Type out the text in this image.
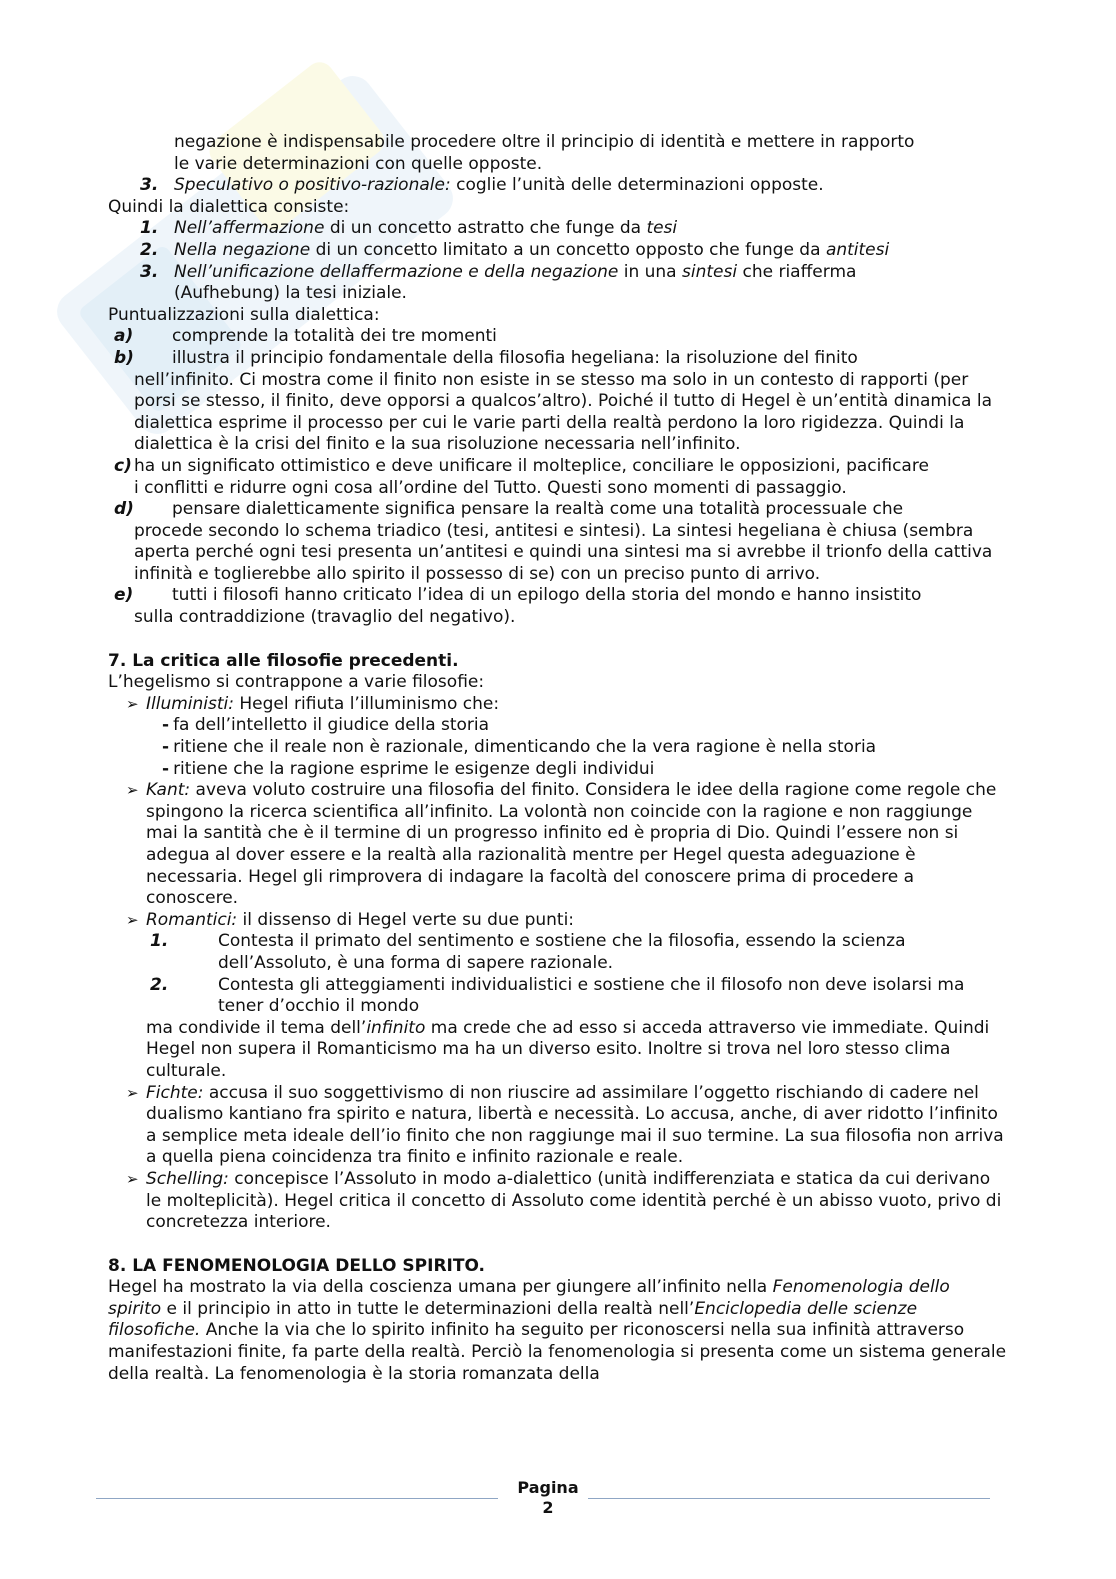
negazione è indispensabile procedere oltre il principio di identità e mettere in rapporto

le varie determinazioni con quelle opposte.

3. Speculativo o positivo-razionale: coglie l’unità delle determinazioni opposte.

Quindi la dialettica consiste:

1. Nell’affermazione di un concetto astratto che funge da tesi

2. Nella negazione di un concetto limitato a un concetto opposto che funge da antitesi

3. Nell’unificazione dellaffermazione e della negazione in una sintesi che riafferma

(Aufhebung) la tesi iniziale.

Puntualizzazioni sulla dialettica:

a) comprende la totalità dei tre momenti

b) illustra il principio fondamentale della filosofia hegeliana: la risoluzione del finito

nell’infinito. Ci mostra come il finito non esiste in se stesso ma solo in un contesto di rapporti (per porsi se stesso, il finito, deve opporsi a qualcos’altro). Poiché il tutto di Hegel è un’entità dinamica la dialettica esprime il processo per cui le varie parti della realtà perdono la loro rigidezza. Quindi la dialettica è la crisi del finito e la sua risoluzione necessaria nell’infinito.

c) ha un significato ottimistico e deve unificare il molteplice, conciliare le opposizioni, pacificare

i conflitti e ridurre ogni cosa all’ordine del Tutto. Questi sono momenti di passaggio.

d) pensare dialetticamente significa pensare la realtà come una totalità processuale che

procede secondo lo schema triadico (tesi, antitesi e sintesi). La sintesi hegeliana è chiusa (sembra aperta perché ogni tesi presenta un’antitesi e quindi una sintesi ma si avrebbe il trionfo della cattiva infinità e toglierebbe allo spirito il possesso di se) con un preciso punto di arrivo.

e) tutti i filosofi hanno criticato l’idea di un epilogo della storia del mondo e hanno insistito

sulla contraddizione (travaglio del negativo).

7. La critica alle filosofie precedenti.

L’hegelismo si contrappone a varie filosofie:

➢ Illuministi: Hegel rifiuta l’illuminismo che:

- fa dell’intelletto il giudice della storia

- ritiene che il reale non è razionale, dimenticando che la vera ragione è nella storia

- ritiene che la ragione esprime le esigenze degli individui

➢ Kant: aveva voluto costruire una filosofia del finito. Considera le idee della ragione come regole che spingono la ricerca scientifica all’infinito. La volontà non coincide con la ragione e non raggiunge mai la santità che è il termine di un progresso infinito ed è propria di Dio. Quindi l’essere non si adegua al dover essere e la realtà alla razionalità mentre per Hegel questa adeguazione è necessaria. Hegel gli rimprovera di indagare la facoltà del conoscere prima di procedere a conoscere.

➢ Romantici: il dissenso di Hegel verte su due punti:

1.	Contesta il primato del sentimento e sostiene che la filosofia, essendo la scienza dell’Assoluto, è una forma di sapere razionale.

2.	Contesta gli atteggiamenti individualistici e sostiene che il filosofo non deve isolarsi ma tener d’occhio il mondo

ma condivide il tema dell’infinito ma crede che ad esso si acceda attraverso vie immediate. Quindi Hegel non supera il Romanticismo ma ha un diverso esito. Inoltre si trova nel loro stesso clima culturale.

➢ Fichte: accusa il suo soggettivismo di non riuscire ad assimilare l’oggetto rischiando di cadere nel dualismo kantiano fra spirito e natura, libertà e necessità. Lo accusa, anche, di aver ridotto l’infinito a semplice meta ideale dell’io finito che non raggiunge mai il suo termine. La sua filosofia non arriva a quella piena coincidenza tra finito e infinito razionale e reale.

➢ Schelling: concepisce l’Assoluto in modo a-dialettico (unità indifferenziata e statica da cui derivano le molteplicità). Hegel critica il concetto di Assoluto come identità perché è un abisso vuoto, privo di concretezza interiore.

8. LA FENOMENOLOGIA DELLO SPIRITO.

Hegel ha mostrato la via della coscienza umana per giungere all’infinito nella Fenomenologia dello spirito e il principio in atto in tutte le determinazioni della realtà nell’Enciclopedia delle scienze filosofiche. Anche la via che lo spirito infinito ha seguito per riconoscersi nella sua infinità attraverso manifestazioni finite, fa parte della realtà. Perciò la fenomenologia si presenta come un sistema generale della realtà. La fenomenologia è la storia romanzata della

Pagina
2
